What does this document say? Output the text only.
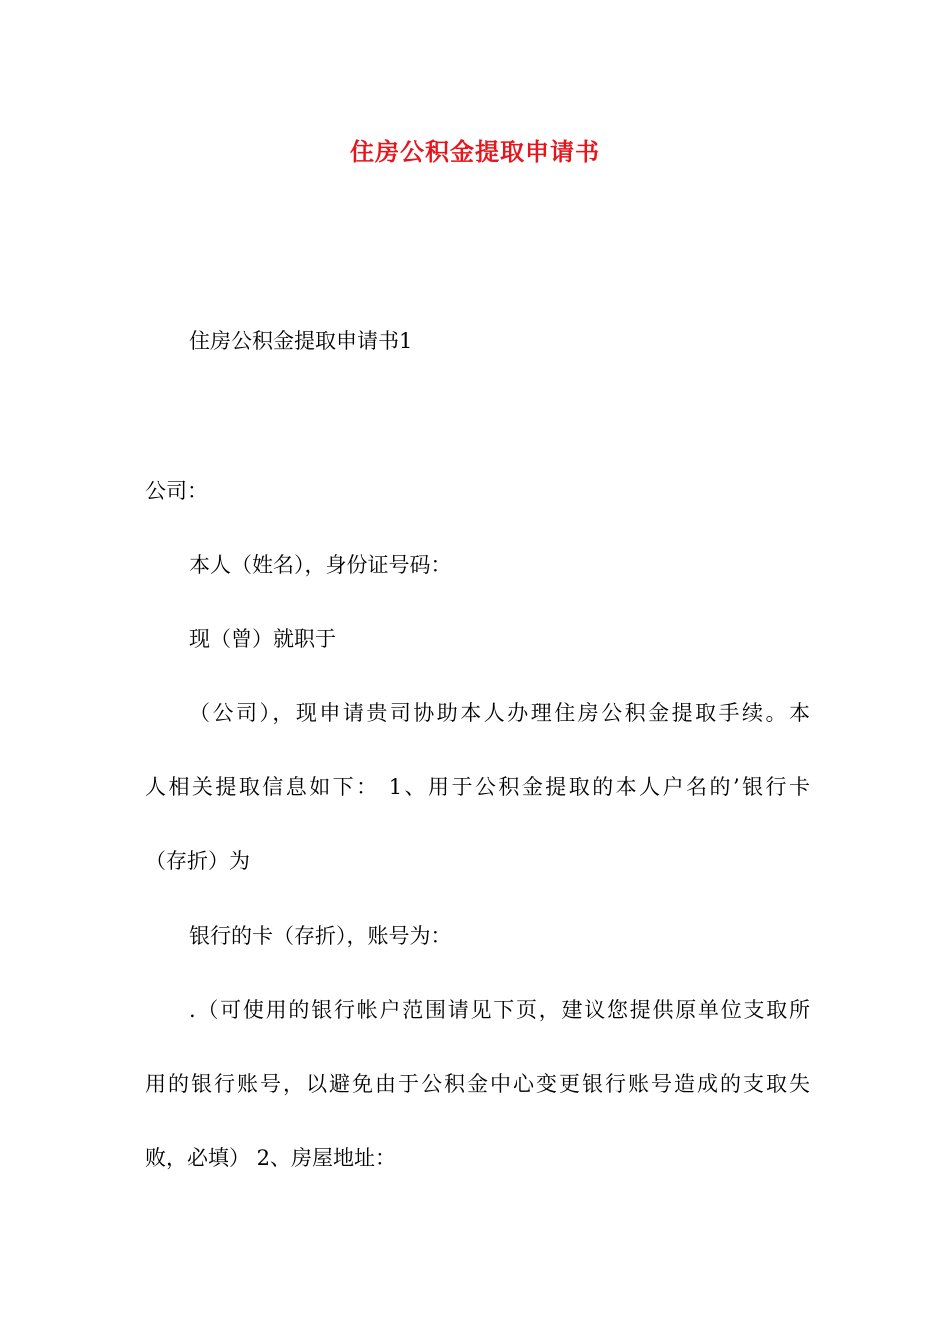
住房公积金提取申请书
住房公积金提取申请书1
公司：
本人（姓名），身份证号码：
现（曾）就职于
（公司），现申请贵司协助本人办理住房公积金提取手续。本
人相关提取信息如下： 1、用于公积金提取的本人户名的’银行卡
（存折）为
银行的卡（存折），账号为：
.（可使用的银行帐户范围请见下页，建议您提供原单位支取所
用的银行账号，以避免由于公积金中心变更银行账号造成的支取失
败，必填） 2、房屋地址：
